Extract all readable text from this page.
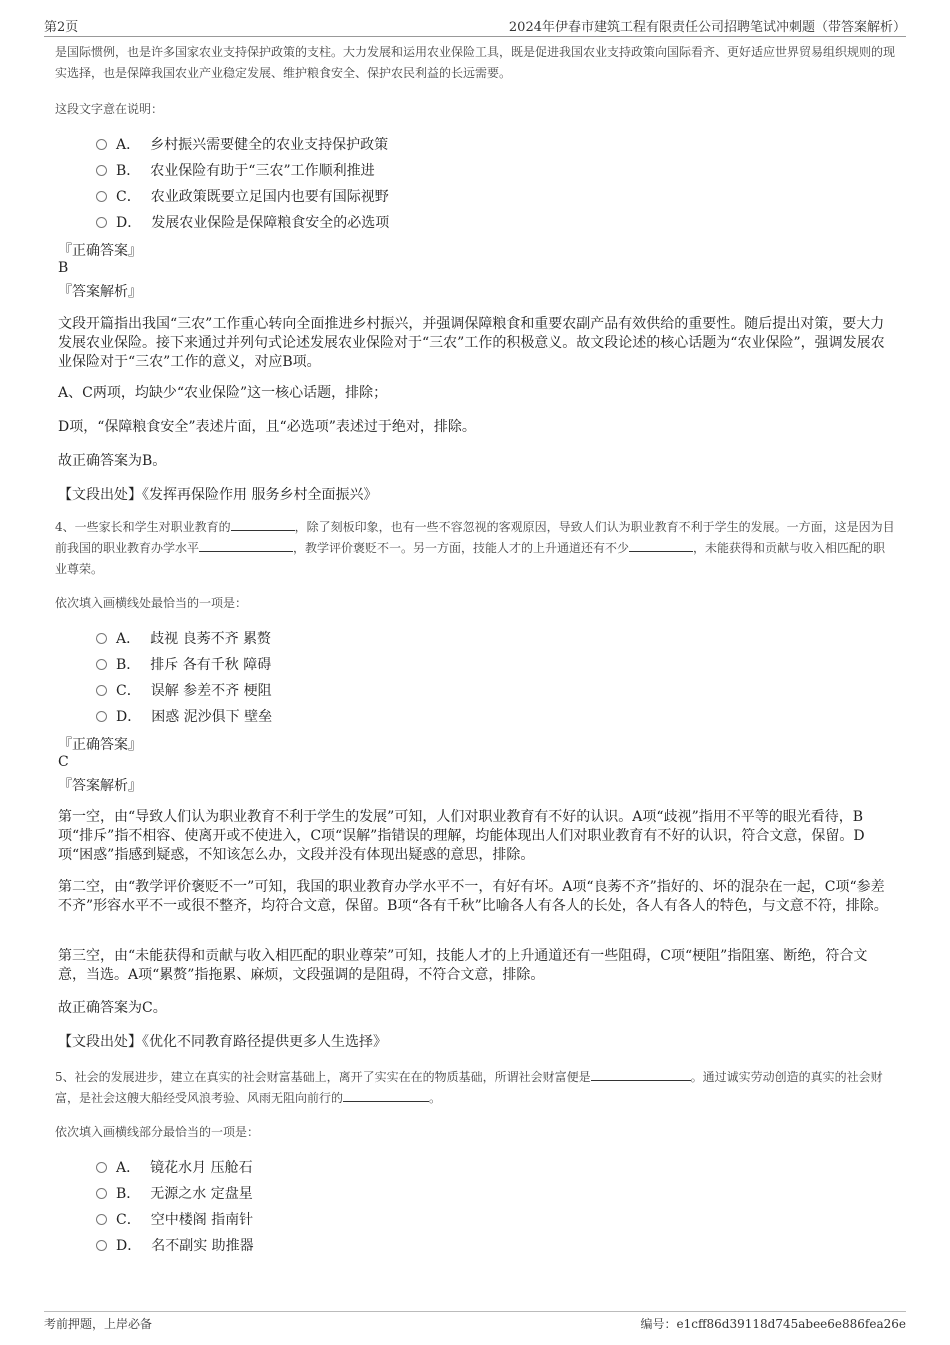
第2页	2024年伊春市建筑工程有限责任公司招聘笔试冲刺题（带答案解析）

是国际惯例，也是许多国家农业支持保护政策的支柱。大力发展和运用农业保险工具，既是促进我国农业支持政策向国际看齐、更好适应世界贸易组织规则的现实选择，也是保障我国农业产业稳定发展、维护粮食安全、保护农民利益的长远需要。

这段文字意在说明：

A． 乡村振兴需要健全的农业支持保护政策
B． 农业保险有助于“三农”工作顺利推进
C． 农业政策既要立足国内也要有国际视野
D． 发展农业保险是保障粮食安全的必选项

『正确答案』

B

『答案解析』

文段开篇指出我国“三农”工作重心转向全面推进乡村振兴，并强调保障粮食和重要农副产品有效供给的重要性。随后提出对策，要大力发展农业保险。接下来通过并列句式论述发展农业保险对于“三农”工作的积极意义。故文段论述的核心话题为“农业保险”，强调发展农业保险对于“三农”工作的意义，对应B项。

A、C两项，均缺少“农业保险”这一核心话题，排除；

D项，“保障粮食安全”表述片面，且“必选项”表述过于绝对，排除。

故正确答案为B。

【文段出处】《发挥再保险作用 服务乡村全面振兴》

4、一些家长和学生对职业教育的	，除了刻板印象，也有一些不容忽视的客观原因，导致人们认为职业教育不利于学生的发展。一方面，这是因为目前我国的职业教育办学水平	，教学评价褒贬不一。另一方面，技能人才的上升通道还有不少	，未能获得和贡献与收入相匹配的职业尊荣。

依次填入画横线处最恰当的一项是：

A． 歧视 良莠不齐 累赘
B． 排斥 各有千秋 障碍
C． 误解 参差不齐 梗阻
D． 困惑 泥沙俱下 壁垒

『正确答案』

C

『答案解析』

第一空，由“导致人们认为职业教育不利于学生的发展”可知，人们对职业教育有不好的认识。A项“歧视”指用不平等的眼光看待，B项“排斥”指不相容、使离开或不使进入，C项“误解”指错误的理解，均能体现出人们对职业教育有不好的认识，符合文意，保留。D项“困惑”指感到疑惑，不知该怎么办，文段并没有体现出疑惑的意思，排除。

第二空，由“教学评价褒贬不一”可知，我国的职业教育办学水平不一，有好有坏。A项“良莠不齐”指好的、坏的混杂在一起，C项“参差不齐”形容水平不一或很不整齐，均符合文意，保留。B项“各有千秋”比喻各人有各人的长处，各人有各人的特色，与文意不符，排除。

第三空，由“未能获得和贡献与收入相匹配的职业尊荣”可知，技能人才的上升通道还有一些阻碍，C项“梗阻”指阻塞、断绝，符合文意，当选。A项“累赘”指拖累、麻烦，文段强调的是阻碍，不符合文意，排除。

故正确答案为C。

【文段出处】《优化不同教育路径提供更多人生选择》

5、社会的发展进步，建立在真实的社会财富基础上，离开了实实在在的物质基础，所谓社会财富便是	。通过诚实劳动创造的真实的社会财富，是社会这艘大船经受风浪考验、风雨无阻向前行的	。

依次填入画横线部分最恰当的一项是：

A． 镜花水月 压舱石
B． 无源之水 定盘星
C． 空中楼阁 指南针
D． 名不副实 助推器
考前押题，上岸必备	编号：e1cff86d39118d745abee6e886fea26e
